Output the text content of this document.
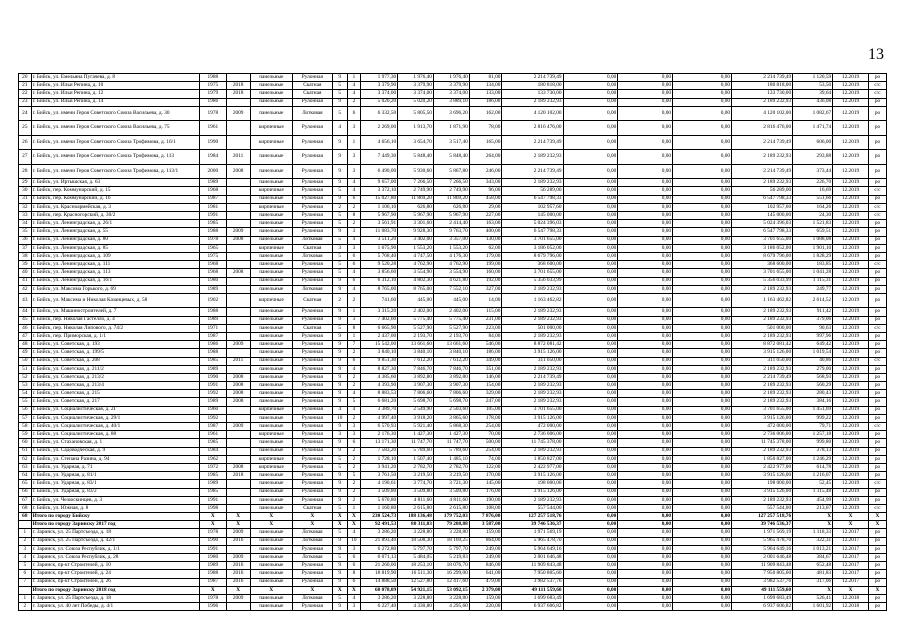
13
20	г. Бийск, ул. Емельяна Пугачева, д. 8	1988		панельные	Рулонная	9	1	1 977,30	1 976,40	1 976,40	81,00	2 214 739,49	0,00	0,00	0,00	2 214 739,49	1 120,59	12.2019	ро
21	г. Бийск, ул. Ильи Репина, д. 10	1975	2018	панельные	Скатная	5	4	3 379,90	3 379,90	3 379,90	134,00	180 818,00	0,00	0,00	0,00	180 818,00	53,50	12.2019	с/с
22	г. Бийск, ул. Ильи Репина, д. 12	1979	2018	панельные	Скатная	5	4	3 374,00	3 374,00	3 374,00	133,00	133 730,00	0,00	0,00	0,00	133 730,00	39,64	12.2019	с/с
23	г. Бийск, ул. Ильи Репина, д. 14	1986		панельные	Рулонная	9	2	5 020,20	5 020,20	3 889,10	186,00	2 189 232,93	0,00	0,00	0,00	2 189 232,93	436,08	12.2019	ро
24	г. Бийск, ул. имени Героя Советского Союза Васильева, д. 30	1978	2009	панельные	Лотковая	5	6	6 332,50	5 805,50	3 696,20	162,00	4 120 102,00	0,00	0,00	0,00	4 120 102,00	1 082,67	12.2019	ро
25	г. Бийск, ул. имени Героя Советского Союза Васильева, д. 75	1961		кирпичные	Рулонная	4	3	2 269,00	1 913,70	1 871,90	78,00	2 816 476,00	0,00	0,00	0,00	2 816 476,00	1 471,74	12.2019	ро
26	г. Бийск, ул. имени Героя Советского Союза Трофимова, д. 16/1	1990		кирпичные	Рулонная	9	1	4 656,10	3 654,70	3 517,40	165,00	2 214 739,49	0,00	0,00	0,00	2 214 739,49	606,00	12.2019	ро
27	г. Бийск, ул. имени Героя Советского Союза Трофимова, д. 113	1984	2011	панельные	Рулонная	9	3	7 449,30	5 848,40	5 848,40	264,00	2 189 232,93	0,00	0,00	0,00	2 189 232,93	293,88	12.2019	ро
28	г. Бийск, ул. имени Героя Советского Союза Трофимова, д. 113/1	2000	2008	панельные	Рулонная	9	3	6 490,00	5 930,60	5 867,80	246,00	2 214 739,49	0,00	0,00	0,00	2 214 739,49	373,44	12.2019	ро
29	г. Бийск, ул. Иртышская, д. 63	1989		панельные	Рулонная	9	4	9 657,00	7 266,50	7 266,50	343,00	2 189 232,93	0,00	0,00	0,00	2 189 232,93	226,70	12.2019	ро
30	г. Бийск, пер. Коммунарский, д. 15	1968		кирпичные	Рулонная	5	4	3 372,10	2 749,90	2 749,90	96,00	56 289,00	0,00	0,00	0,00	56 289,00	16,69	12.2019	с/с
31	г. Бийск, пер. Коммунарский, д. 16	1987		панельные	Рулонная	9	6	15 027,80	11 869,20	11 869,20	458,00	6 547 798,33	0,00	0,00	0,00	6 547 798,33	551,66	12.2019	ро
32	г. Бийск, ул. Красноармейская, д. 3	1981		кирпичные	Рулонная	2	2	1 106,10	626,80	626,80	29,00	102 957,60	0,00	0,00	0,00	102 957,60	164,26	12.2019	с/с
33	г. Бийск, пер. Красногорский, д. 30/2	1991		панельные	Рулонная	5	8	5 967,90	5 967,90	5 967,90	227,00	145 000,00	0,00	0,00	0,00	145 000,00	24,30	12.2019	с/с
34	г. Бийск, ул. Ленинградская, д. 26/1	1985		панельные	Рулонная	5	2	3 561,91	3 301,60	2 414,40	163,00	5 024 396,03	0,00	0,00	0,00	5 024 396,03	1 521,83	12.2019	ро
35	г. Бийск, ул. Ленинградская, д. 55	1988	2009	панельные	Рулонная	9	3	11 083,70	9 928,30	9 763,70	400,00	6 547 798,33	0,00	0,00	0,00	6 547 798,33	659,51	12.2019	ро
36	г. Бийск, ул. Ленинградская, д. 80	1978	2008	панельные	Лотковая	5	4	3 511,20	3 402,00	3 357,00	130,00	3 701 655,00	0,00	0,00	0,00	3 701 655,00	1 088,08	12.2019	ро
37	г. Бийск, ул. Ленинградская, д. 85	1965		кирпичные	Скатная	3	3	1 675,90	1 553,20	1 553,20	62,00	3 186 052,00	0,00	0,00	0,00	3 186 052,00	1 901,10	12.2019	ро
38	г. Бийск, ул. Ленинградская, д. 109	1975		панельные	Лотковая	5	6	5 768,40	4 747,50	4 176,30	179,00	8 679 796,00	0,00	0,00	0,00	8 679 796,00	1 828,29	12.2019	ро
39	г. Бийск, ул. Ленинградская, д. 111	1968		панельные	Рулонная	5	6	9 520,28	4 762,90	4 762,90	199,00	368 600,00	0,00	0,00	0,00	368 600,00	183,85	12.2019	с/с
40	г. Бийск, ул. Ленинградская, д. 113	1968	2008	панельные	Рулонная	5	4	3 856,60	3 554,90	3 554,90	160,00	3 701 655,00	0,00	0,00	0,00	3 701 655,00	1 041,28	12.2019	ро
41	г. Бийск, ул. Ленинградская, д. 16/1	1980		панельные	Рулонная	9	6	6 312,10	4 802,30	4 621,80	192,00	5 356 033,99	0,00	0,00	0,00	5 356 033,99	1 115,31	12.2019	ро
42	г. Бийск, ул. Максима Горького, д. 69	1989		панельные	Лотковая	9	4	8 765,00	8 765,00	7 552,10	327,00	2 189 232,93	0,00	0,00	0,00	2 189 232,93	249,77	12.2019	ро
43	г. Бийск, ул. Максима и Николая Казанцевых, д. 58	1902		кирпичные	Скатная	2	2	741,60	445,00	445,00	14,00	1 163 462,82	0,00	0,00	0,00	1 163 462,82	2 614,52	12.2019	ро
44	г. Бийск, ул. Машиностроителей, д. 7	1988		панельные	Рулонная	9	1	3 315,20	2 402,00	2 402,00	115,00	2 189 232,93	0,00	0,00	0,00	2 189 232,93	911,42	12.2019	ро
45	г. Бийск, пер. Николая Гастелло, д. 4	1989		панельные	Рулонная	9	3	7 402,60	5 775,40	5 775,40	231,00	2 189 232,93	0,00	0,00	0,00	2 189 232,93	379,06	12.2019	ро
46	г. Бийск, пер. Николая Липового, д. 74/2	1971		панельные	Скатная	5	8	6 665,90	5 527,90	5 527,90	223,00	501 000,00	0,00	0,00	0,00	501 000,00	90,63	12.2019	с/с
47	г. Бийск, пер. Приморская, д. 1/1	1987		панельные	Рулонная	9	1	2 437,00	2 193,70	2 193,70	84,00	2 189 232,93	0,00	0,00	0,00	2 189 232,93	997,96	12.2019	ро
48	г. Бийск, ул. Советская, д. 193	1986	2009	панельные	Рулонная	9	7	15 542,00	13 661,60	13 661,60	546,00	8 872 081,42	0,00	0,00	0,00	8 872 081,42	649,42	12.2019	ро
49	г. Бийск, ул. Советская, д. 199/5	1988		панельные	Рулонная	9	2	3 840,10	3 840,10	3 840,10	186,00	3 915 126,00	0,00	0,00	0,00	3 915 126,00	1 019,54	12.2019	ро
50	г. Бийск, ул. Советская, д. 208	1985	2011	панельные	Рулонная	9	6	9 851,30	7 612,20	7 612,20	349,00	311 050,00	0,00	0,00	0,00	311 050,00	40,86	12.2019	с/с
51	г. Бийск, ул. Советская, д. 211/2	1989		панельные	Рулонная	9	4	8 827,30	7 846,70	7 846,70	351,00	2 189 232,93	0,00	0,00	0,00	2 189 232,93	279,00	12.2019	ро
52	г. Бийск, ул. Советская, д. 213/2	1990	2008	панельные	Рулонная	9	2	4 385,60	3 892,80	3 892,80	146,00	2 214 739,49	0,00	0,00	0,00	2 214 739,49	568,93	12.2019	ро
53	г. Бийск, ул. Советская, д. 213/4	1991	2008	панельные	Рулонная	9	2	4 393,90	3 907,30	3 907,30	154,00	2 189 232,93	0,00	0,00	0,00	2 189 232,93	560,29	12.2019	ро
54	г. Бийск, ул. Советская, д. 215	1992	2008	панельные	Рулонная	9	4	8 883,53	7 806,60	7 806,60	329,00	2 189 232,93	0,00	0,00	0,00	2 189 232,93	280,43	12.2019	ро
55	г. Бийск, ул. Советская, д. 217	1989	2008	панельные	Рулонная	9	5	6 681,20	5 698,70	5 698,70	247,00	2 189 232,93	0,00	0,00	0,00	2 189 232,93	384,16	12.2019	ро
56	г. Бийск, ул. Социалистическая, д. 2Г	1960		кирпичные	Рулонная	4	4	3 389,70	2 549,90	2 503,60	105,00	3 701 655,00	0,00	0,00	0,00	3 701 655,00	1 451,69	12.2019	ро
57	г. Бийск, ул. Социалистическая, д. 29/1	1992		панельные	Рулонная	10	2	4 997,40	3 918,20	3 865,60	178,00	3 915 126,00	0,00	0,00	0,00	3 915 126,00	999,22	12.2019	ро
58	г. Бийск, ул. Социалистическая, д. 40/1	1987	2009	панельные	Рулонная	9	3	6 570,93	5 921,40	5 868,30	254,00	472 000,00	0,00	0,00	0,00	472 000,00	79,71	12.2019	с/с
59	г. Бийск, ул. Социалистическая, д. 88	1961		кирпичные	Рулонная	3	3	2 176,30	1 427,30	1 427,30	70,00	2 736 006,00	0,00	0,00	0,00	2 736 006,00	1 257,18	12.2019	ро
60	г. Бийск, ул. Стахановская, д. 1	1985		панельные	Рулонная	9	6	13 171,30	11 747,70	11 747,70	500,00	11 745 378,00	0,00	0,00	0,00	11 745 378,00	999,80	12.2019	ро
61	г. Бийск, ул. Садоводческая, д. 9	1984		панельные	Рулонная	9	2	7 583,20	5 789,60	5 789,60	254,00	2 189 232,93	0,00	0,00	0,00	2 189 232,93	378,13	12.2019	ро
62	г. Бийск, ул. Степана Разина, д. 94	1962		кирпичные	Рулонная	5	2	1 728,10	1 507,40	1 485,10	74,00	1 850 827,00	0,00	0,00	0,00	1 850 827,00	1 246,29	12.2019	ро
63	г. Бийск, ул. Ударная, д. 71	1972	2008	кирпичные	Рулонная	5	2	3 941,20	2 782,70	2 782,70	122,00	2 422 977,00	0,00	0,00	0,00	2 422 977,00	614,78	12.2019	ро
64	г. Бийск, ул. Ударная, д. 81/1	1985	2018	панельные	Рулонная	9	5	3 761,50	3 219,50	3 219,50	170,00	3 915 126,00	0,00	0,00	0,00	3 915 126,00	1 216,07	12.2019	ро
65	г. Бийск, ул. Ударная, д. 83/1	1989		панельные	Рулонная	9	2	4 190,61	3 774,70	3 721,30	145,00	198 000,00	0,00	0,00	0,00	198 000,00	52,45	12.2019	с/с
66	г. Бийск, ул. Ударная, д. 83/2	1985		панельные	Рулонная	9	2	3 509,80	3 509,80	3 509,80	176,00	3 915 126,00	0,00	0,00	0,00	3 915 126,00	1 115,48	12.2019	ро
67	г. Бийск, ул. Челюскинцев, д. 3	1991		панельные	Рулонная	9	2	5 670,80	4 811,60	4 811,60	190,00	2 189 232,93	0,00	0,00	0,00	2 189 232,93	454,99	12.2019	ро
68	г. Бийск, ул. Южная, д. 8	1998		панельные	Скатная	5	1	1 160,80	2 615,80	2 615,80	108,00	557 544,00	0,00	0,00	0,00	557 544,00	213,07	12.2019	с/с
68	Итого по городу Бийску	X	X	X	X	X	X	230 524,73	188 136,48	179 752,03	7 876,00	127 257 518,76	0,00	0,00	0,00	127 257 518,76	X	X	X
	Итого по городу Заринску 2017 год	X	X	X	X	X	X	92 491,53	80 311,03	79 208,88	3 587,00	39 746 536,37	0,00	0,00	0,00	39 746 536,37	X	X	X
1	г. Заринск, ул. 25 Партсъезда, д. 18	1978	2009	панельные	Лотковая	5	4	3 286,20	3 228,80	3 228,80	159,00	1 971 569,19	0,00	0,00	0,00	1 971 569,19	1 118,33	12.2017	ро
2	г. Заринск, ул. 25 Партсъезда, д. 42/1	1990	2016	панельные	Лотковая	9	10	21 893,40	18 508,30	18 169,25	864,00	5 965 478,70	0,00	0,00	0,00	5 965 478,70	322,31	12.2017	ро
3	г. Заринск, ул. Союза Республик, д. 1/1	1991		панельные	Рулонная	9	3	6 272,80	5 797,70	5 797,70	249,00	5 964 649,16	0,00	0,00	0,00	5 964 649,16	1 013,21	12.2017	ро
4	г. Заринск, ул. Союза Республик, д. 28	1980	2009	панельные	Лотковая	5	6	6 071,13	5 484,05	5 219,83	249,00	2 001 646,48	0,00	0,00	0,00	2 001 646,48	384,67	12.2017	ро
5	г. Заринск, пр-кт Строителей, д. 10	1989	2016	панельные	Рулонная	9	6	21 260,00	18 253,10	18 076,70	846,00	11 909 843,48	0,00	0,00	0,00	11 909 843,48	652,48	12.2017	ро
6	г. Заринск, пр-кт Строителей, д. 24	1988	2016	панельные	Рулонная	9	8	18 819,90	16 511,30	16 299,00	641,00	7 950 805,60	0,00	0,00	0,00	7 950 805,60	481,83	12.2017	ро
7	г. Заринск, пр-кт Строителей, д. 26	1987	2016	панельные	Рулонная	9	6	14 888,50	12 527,80	12 417,60	479,00	3 982 537,76	0,00	0,00	0,00	3 982 537,76	317,06	12.2017	ро
	Итого по городу Заринску 2018 год	X	X	X	X	X	X	68 078,09	54 921,15	53 092,15	2 379,00	49 111 559,60	0,00	0,00	0,00	49 111 559,60	X	X	X
1	г. Заринск, ул. 25 Партсъезда, д. 18	1978	2009	панельные	Лотковая	5	4	3 286,20	3 228,80	3 228,80	159,00	1 699 683,49	0,00	0,00	0,00	1 699 683,49	526,41	12.2018	ро
2	г. Заринск, ул. 40 лет Победы, д. 4/1	1996		панельные	Рулонная	9	3	6 227,40	4 330,80	4 295,60	220,00	6 937 606,82	0,00	0,00	0,00	6 937 606,82	1 601,92	12.2018	ро
